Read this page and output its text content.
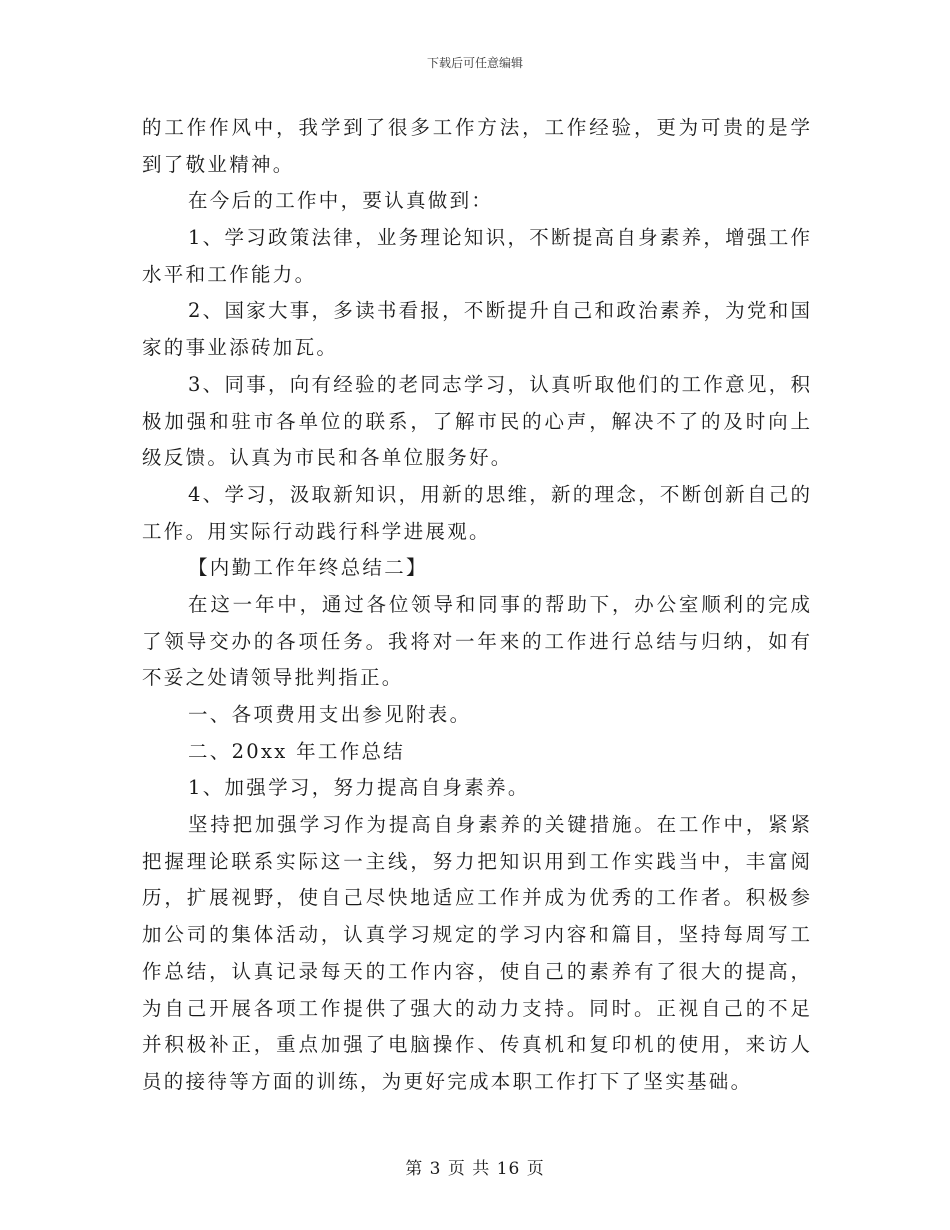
下载后可任意编辑
的工作作风中，我学到了很多工作方法，工作经验，更为可贵的是学
到了敬业精神。
在今后的工作中，要认真做到：
1、学习政策法律，业务理论知识，不断提高自身素养，增强工作
水平和工作能力。
2、国家大事，多读书看报，不断提升自己和政治素养，为党和国
家的事业添砖加瓦。
3、同事，向有经验的老同志学习，认真听取他们的工作意见，积
极加强和驻市各单位的联系，了解市民的心声，解决不了的及时向上
级反馈。认真为市民和各单位服务好。
4、学习，汲取新知识，用新的思维，新的理念，不断创新自己的
工作。用实际行动践行科学进展观。
【内勤工作年终总结二】
在这一年中，通过各位领导和同事的帮助下，办公室顺利的完成
了领导交办的各项任务。我将对一年来的工作进行总结与归纳，如有
不妥之处请领导批判指正。
一、各项费用支出参见附表。
二、20xx 年工作总结
1、加强学习，努力提高自身素养。
坚持把加强学习作为提高自身素养的关键措施。在工作中，紧紧
把握理论联系实际这一主线，努力把知识用到工作实践当中，丰富阅
历，扩展视野，使自己尽快地适应工作并成为优秀的工作者。积极参
加公司的集体活动，认真学习规定的学习内容和篇目，坚持每周写工
作总结，认真记录每天的工作内容，使自己的素养有了很大的提高，
为自己开展各项工作提供了强大的动力支持。同时。正视自己的不足
并积极补正，重点加强了电脑操作、传真机和复印机的使用，来访人
员的接待等方面的训练，为更好完成本职工作打下了坚实基础。
第 3 页 共 16 页
